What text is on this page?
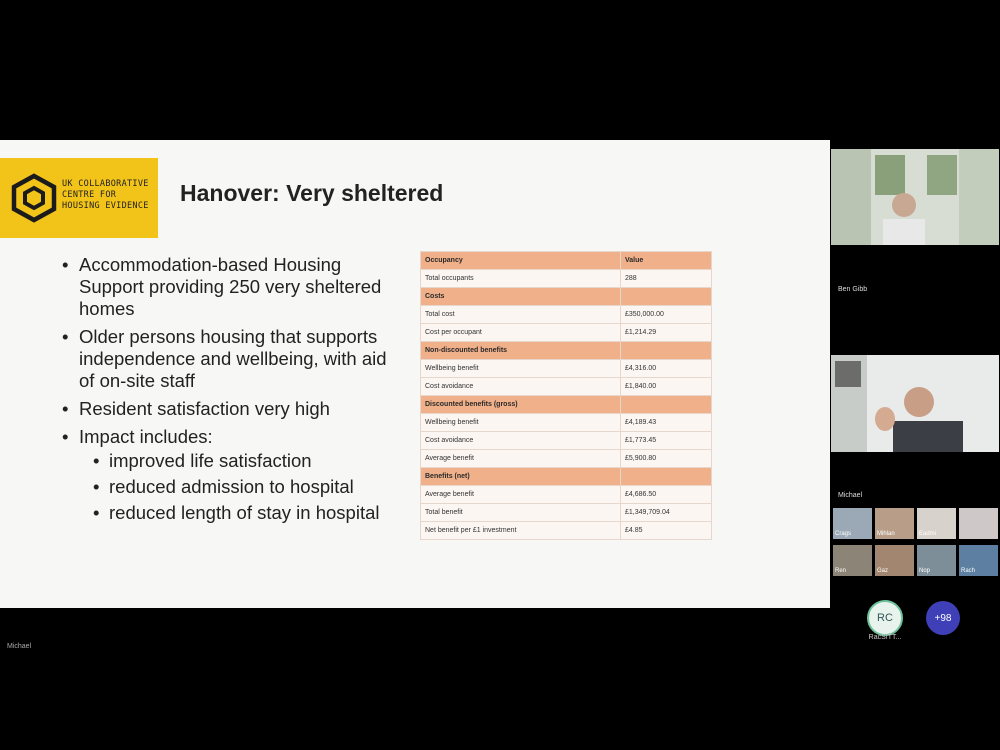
UK COLLABORATIVE
CENTRE FOR
HOUSING EVIDENCE Hanover: Very sheltered
• Accommodation-based Housing Support providing 250 very sheltered homes
• Older persons housing that supports independence and wellbeing, with aid of on-site staff
• Resident satisfaction very high
• Impact includes:
• improved life satisfaction
• reduced admission to hospital
• reduced length of stay in hospital
Occupancy	Value
Total occupants	288
Costs	
Total cost	£350,000.00
Cost per occupant	£1,214.29
Non-discounted benefits	
Wellbeing benefit	£4,316.00
Cost avoidance	£1,840.00
Discounted benefits (gross)	
Wellbeing benefit	£4,189.43
Cost avoidance	£1,773.45
Average benefit	£5,900.80
Benefits (net)	
Average benefit	£4,686.50
Total benefit	£1,349,709.04
Net benefit per £1 investment	£4.85
Ben Gibb
Michael
Crags	Mihlan	Eadmi
Ren	Gaz	Nop	Rach
RC
RacSITT...
+98
Michael
